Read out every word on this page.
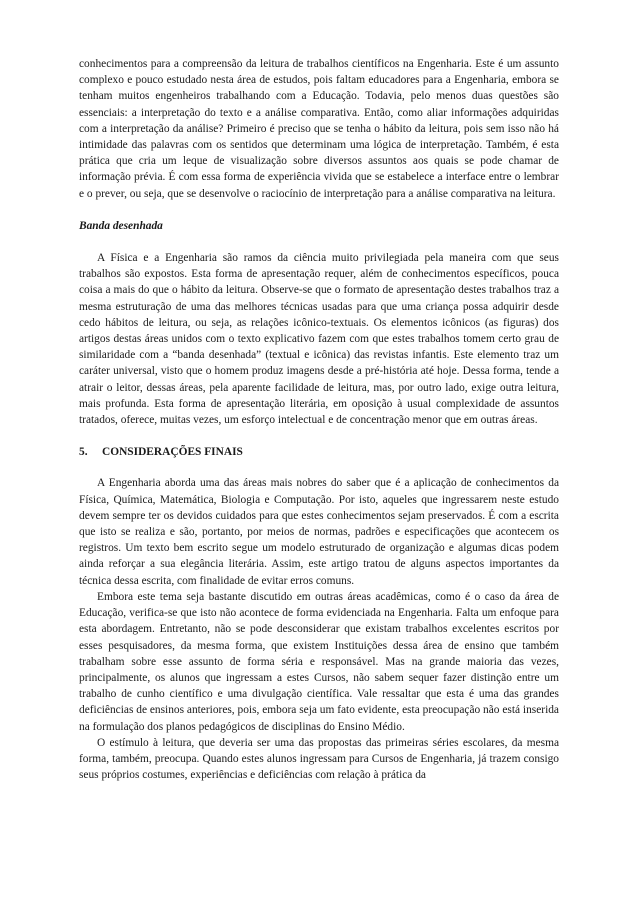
conhecimentos para a compreensão da leitura de trabalhos científicos na Engenharia. Este é um assunto complexo e pouco estudado nesta área de estudos, pois faltam educadores para a Engenharia, embora se tenham muitos engenheiros trabalhando com a Educação. Todavia, pelo menos duas questões são essenciais: a interpretação do texto e a análise comparativa. Então, como aliar informações adquiridas com a interpretação da análise? Primeiro é preciso que se tenha o hábito da leitura, pois sem isso não há intimidade das palavras com os sentidos que determinam uma lógica de interpretação. Também, é esta prática que cria um leque de visualização sobre diversos assuntos aos quais se pode chamar de informação prévia. É com essa forma de experiência vivida que se estabelece a interface entre o lembrar e o prever, ou seja, que se desenvolve o raciocínio de interpretação para a análise comparativa na leitura.

Banda desenhada

A Física e a Engenharia são ramos da ciência muito privilegiada pela maneira com que seus trabalhos são expostos. Esta forma de apresentação requer, além de conhecimentos específicos, pouca coisa a mais do que o hábito da leitura. Observe-se que o formato de apresentação destes trabalhos traz a mesma estruturação de uma das melhores técnicas usadas para que uma criança possa adquirir desde cedo hábitos de leitura, ou seja, as relações icônico-textuais. Os elementos icônicos (as figuras) dos artigos destas áreas unidos com o texto explicativo fazem com que estes trabalhos tomem certo grau de similaridade com a “banda desenhada” (textual e icônica) das revistas infantis. Este elemento traz um caráter universal, visto que o homem produz imagens desde a pré-história até hoje. Dessa forma, tende a atrair o leitor, dessas áreas, pela aparente facilidade de leitura, mas, por outro lado, exige outra leitura, mais profunda. Esta forma de apresentação literária, em oposição à usual complexidade de assuntos tratados, oferece, muitas vezes, um esforço intelectual e de concentração menor que em outras áreas.

5.	CONSIDERAÇÕES FINAIS

A Engenharia aborda uma das áreas mais nobres do saber que é a aplicação de conhecimentos da Física, Química, Matemática, Biologia e Computação. Por isto, aqueles que ingressarem neste estudo devem sempre ter os devidos cuidados para que estes conhecimentos sejam preservados. É com a escrita que isto se realiza e são, portanto, por meios de normas, padrões e especificações que acontecem os registros. Um texto bem escrito segue um modelo estruturado de organização e algumas dicas podem ainda reforçar a sua elegância literária. Assim, este artigo tratou de alguns aspectos importantes da técnica dessa escrita, com finalidade de evitar erros comuns.

Embora este tema seja bastante discutido em outras áreas acadêmicas, como é o caso da área de Educação, verifica-se que isto não acontece de forma evidenciada na Engenharia. Falta um enfoque para esta abordagem. Entretanto, não se pode desconsiderar que existam trabalhos excelentes escritos por esses pesquisadores, da mesma forma, que existem Instituições dessa área de ensino que também trabalham sobre esse assunto de forma séria e responsável. Mas na grande maioria das vezes, principalmente, os alunos que ingressam a estes Cursos, não sabem sequer fazer distinção entre um trabalho de cunho científico e uma divulgação científica. Vale ressaltar que esta é uma das grandes deficiências de ensinos anteriores, pois, embora seja um fato evidente, esta preocupação não está inserida na formulação dos planos pedagógicos de disciplinas do Ensino Médio.

O estímulo à leitura, que deveria ser uma das propostas das primeiras séries escolares, da mesma forma, também, preocupa. Quando estes alunos ingressam para Cursos de Engenharia, já trazem consigo seus próprios costumes, experiências e deficiências com relação à prática da
